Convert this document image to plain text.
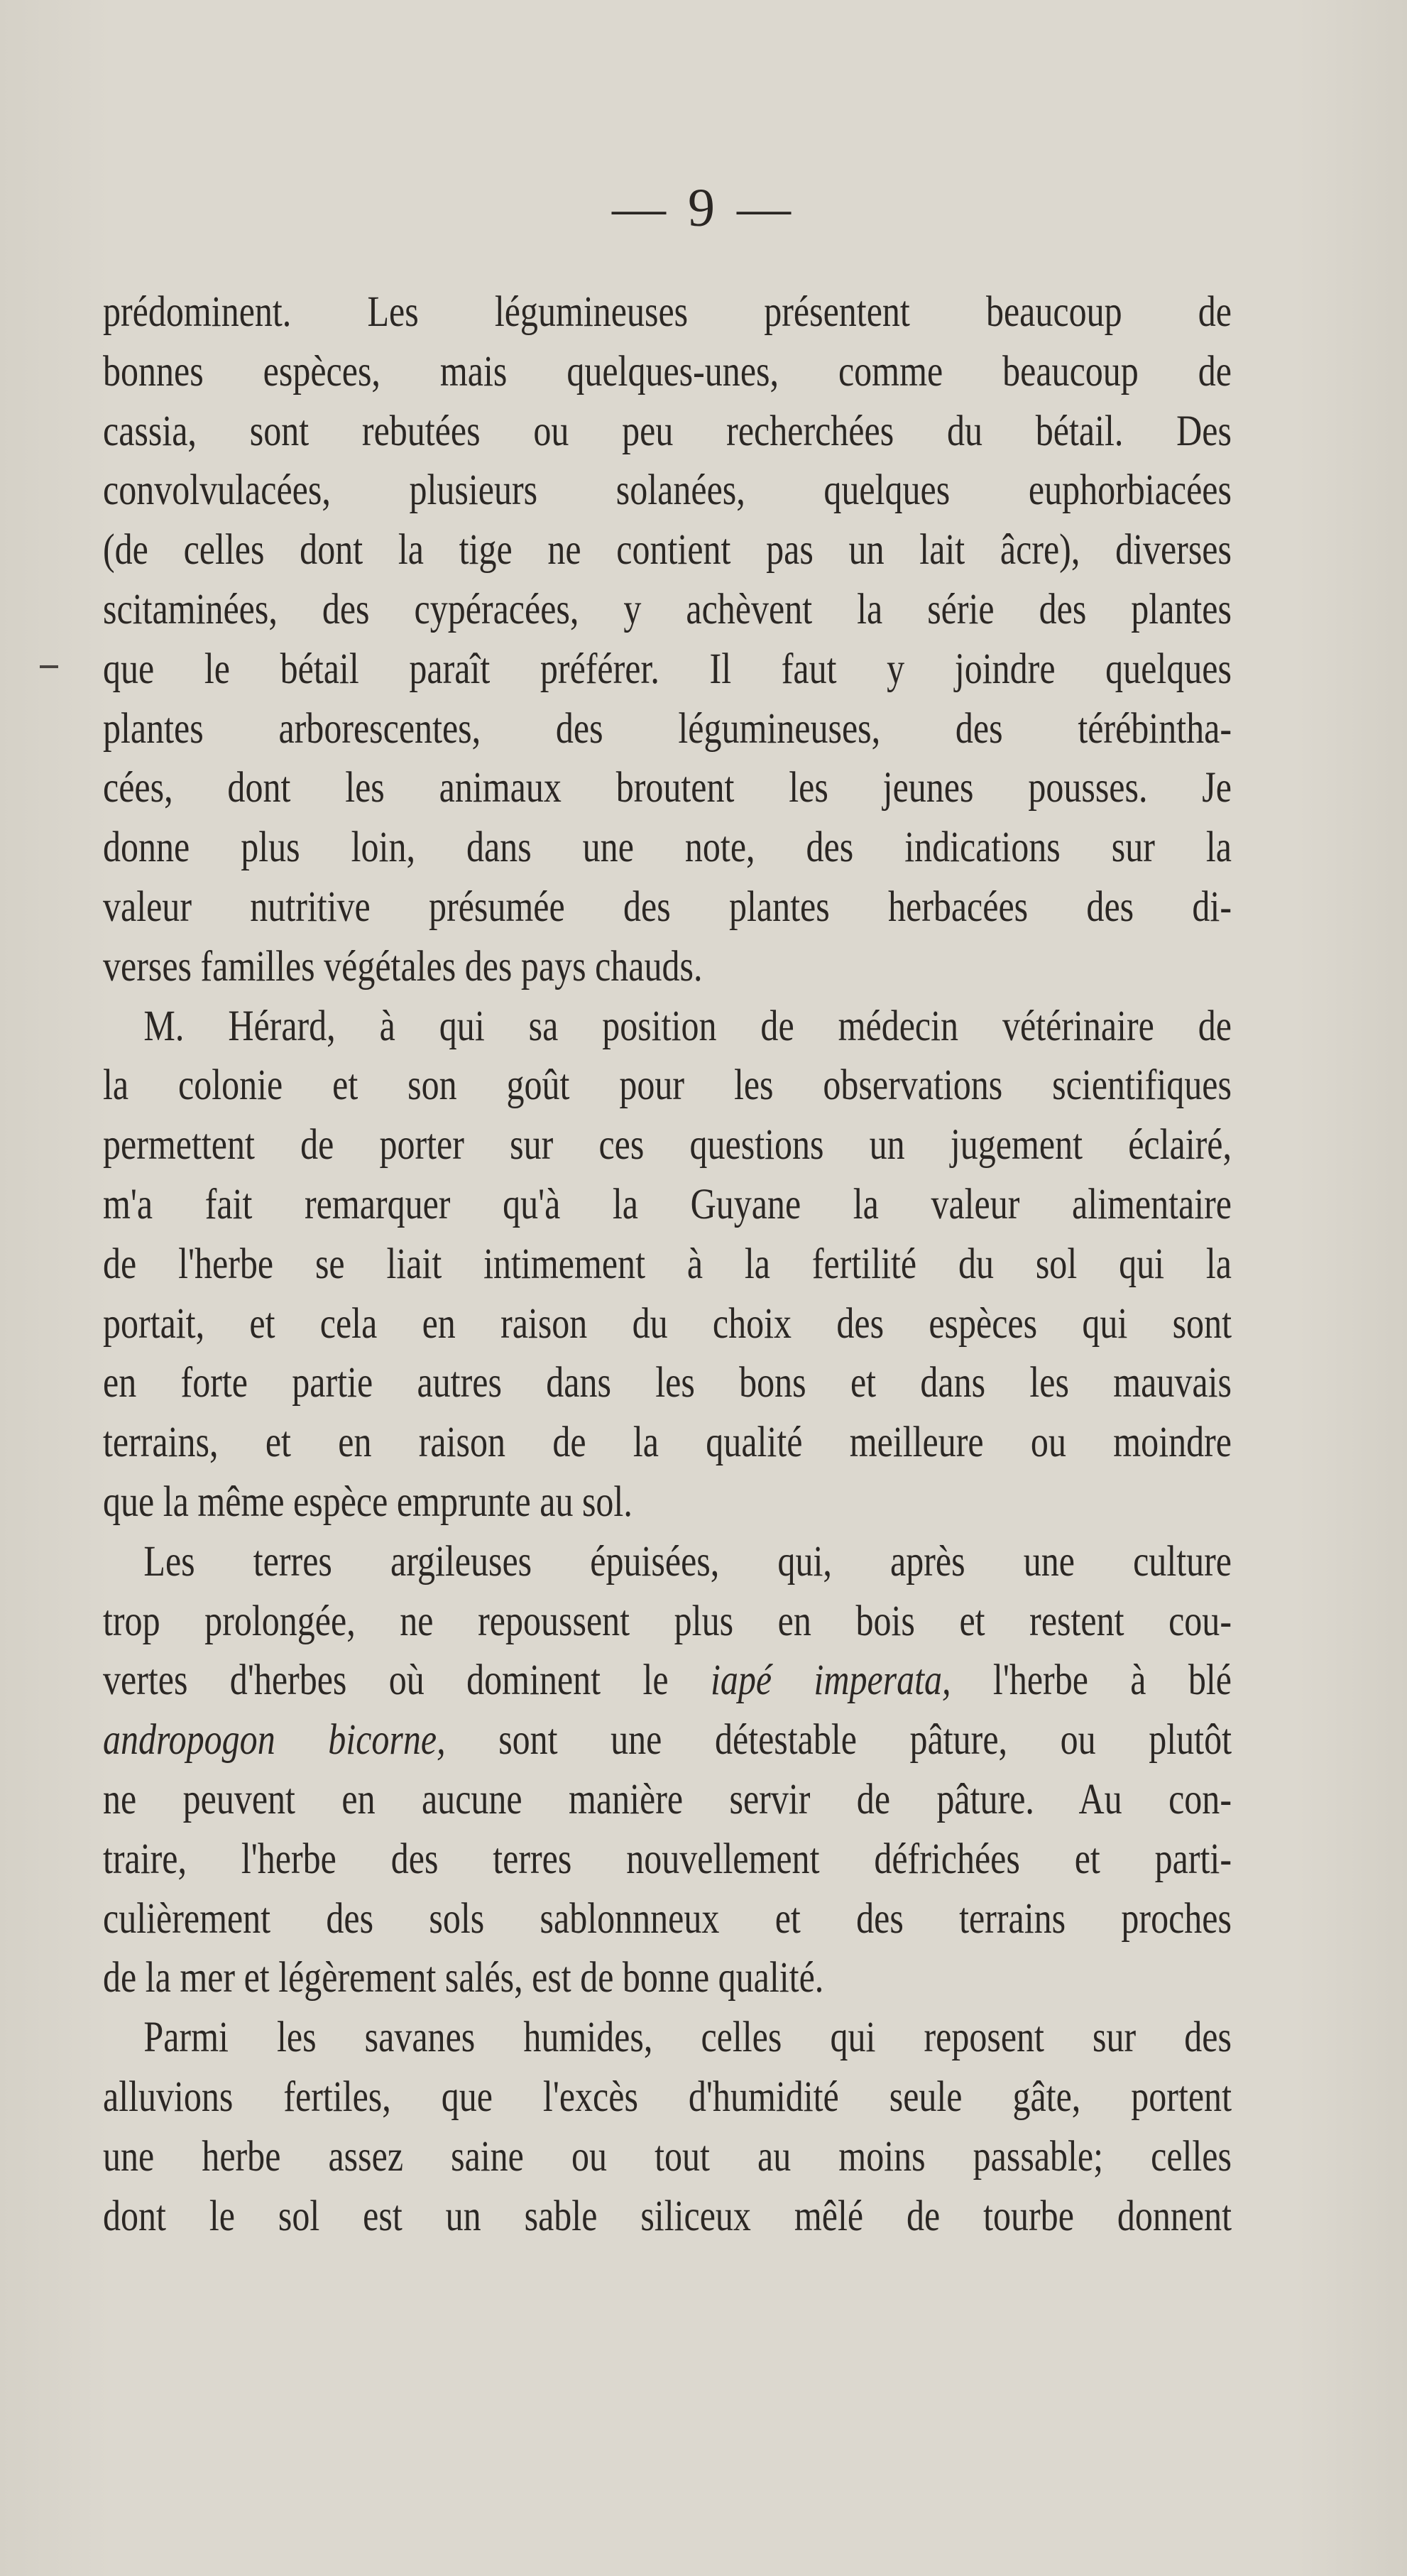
— 9 —
prédominent. Les légumineuses présentent beaucoup de
bonnes espèces, mais quelques-unes, comme beaucoup de
cassia, sont rebutées ou peu recherchées du bétail. Des
convolvulacées, plusieurs solanées, quelques euphorbiacées
(de celles dont la tige ne contient pas un lait âcre), diverses
scitaminées, des cypéracées, y achèvent la série des plantes
que le bétail paraît préférer. Il faut y joindre quelques
plantes arborescentes, des légumineuses, des térébintha-
cées, dont les animaux broutent les jeunes pousses. Je
donne plus loin, dans une note, des indications sur la
valeur nutritive présumée des plantes herbacées des di-
verses familles végétales des pays chauds.
M. Hérard, à qui sa position de médecin vétérinaire de
la colonie et son goût pour les observations scientifiques
permettent de porter sur ces questions un jugement éclairé,
m'a fait remarquer qu'à la Guyane la valeur alimentaire
de l'herbe se liait intimement à la fertilité du sol qui la
portait, et cela en raison du choix des espèces qui sont
en forte partie autres dans les bons et dans les mauvais
terrains, et en raison de la qualité meilleure ou moindre
que la même espèce emprunte au sol.
Les terres argileuses épuisées, qui, après une culture
trop prolongée, ne repoussent plus en bois et restent cou-
vertes d'herbes où dominent le iapé imperata, l'herbe à blé
andropogon bicorne, sont une détestable pâture, ou plutôt
ne peuvent en aucune manière servir de pâture. Au con-
traire, l'herbe des terres nouvellement défrichées et parti-
culièrement des sols sablonnneux et des terrains proches
de la mer et légèrement salés, est de bonne qualité.
Parmi les savanes humides, celles qui reposent sur des
alluvions fertiles, que l'excès d'humidité seule gâte, portent
une herbe assez saine ou tout au moins passable; celles
dont le sol est un sable siliceux mêlé de tourbe donnent
